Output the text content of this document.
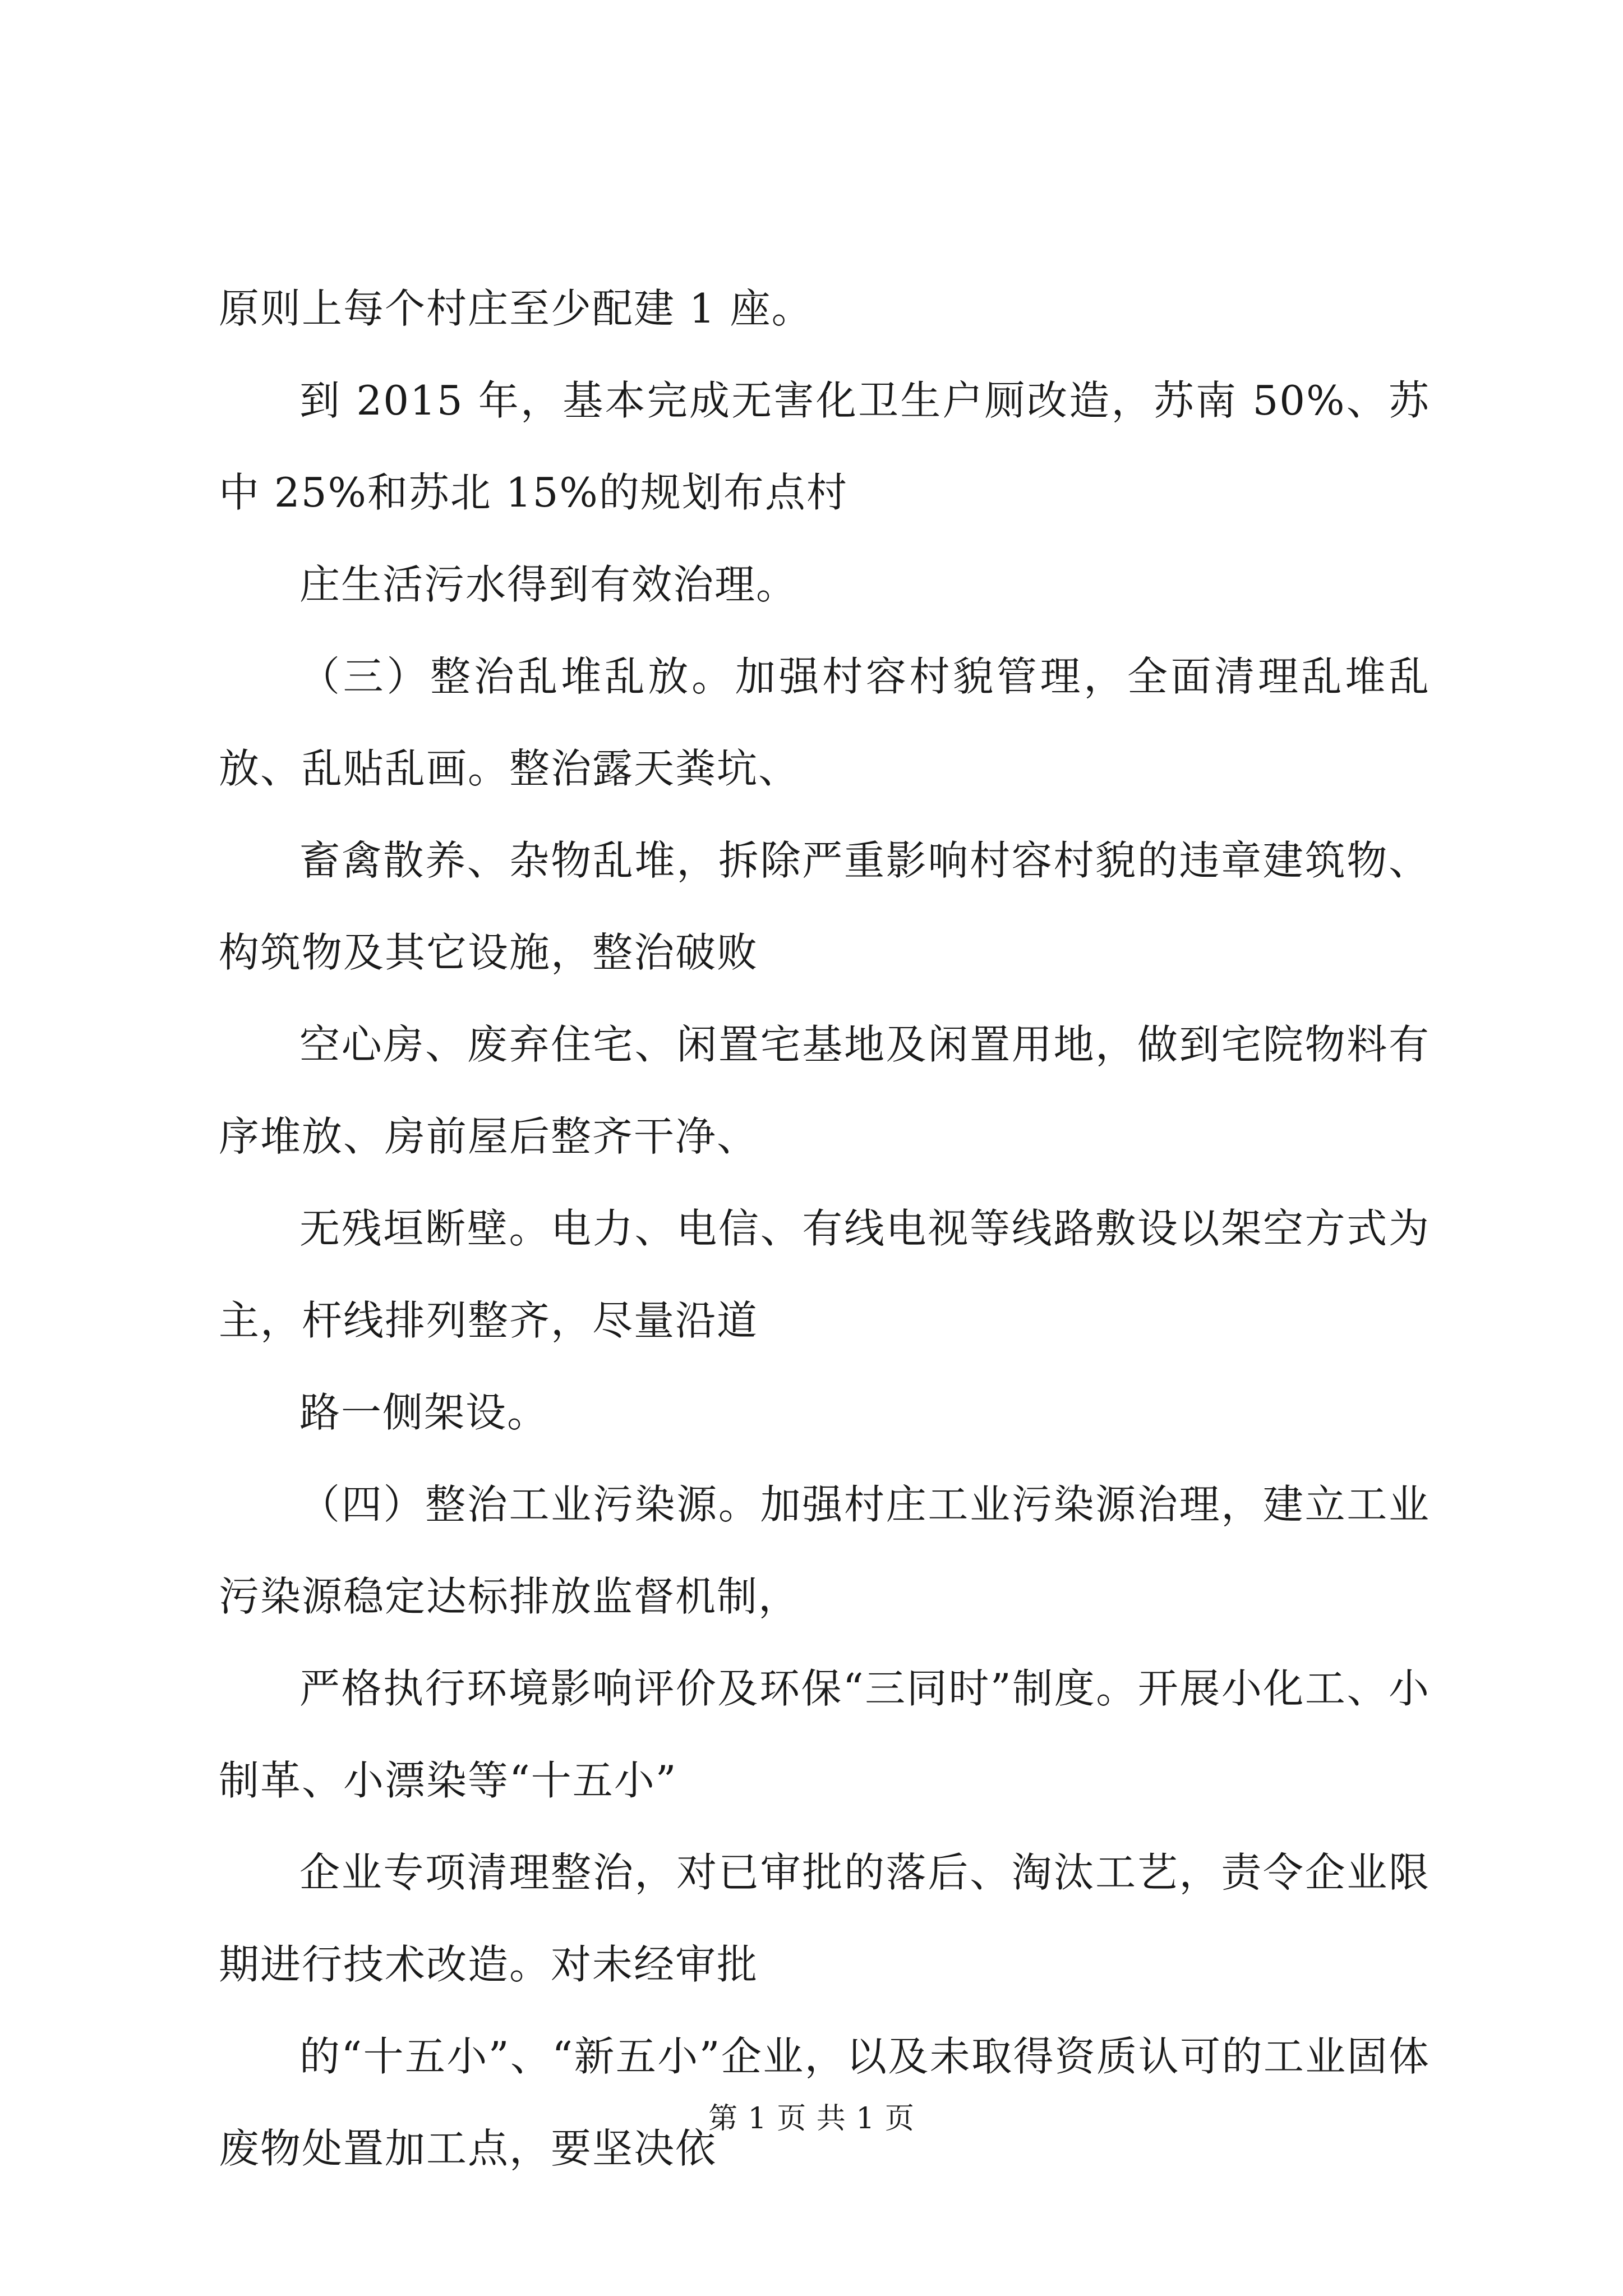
原则上每个村庄至少配建 1 座。

到 2015 年，基本完成无害化卫生户厕改造，苏南 50%、苏中 25%和苏北 15%的规划布点村

庄生活污水得到有效治理。

（三）整治乱堆乱放。加强村容村貌管理，全面清理乱堆乱放、乱贴乱画。整治露天粪坑、

畜禽散养、杂物乱堆，拆除严重影响村容村貌的违章建筑物、构筑物及其它设施，整治破败

空心房、废弃住宅、闲置宅基地及闲置用地，做到宅院物料有序堆放、房前屋后整齐干净、

无残垣断壁。电力、电信、有线电视等线路敷设以架空方式为主，杆线排列整齐，尽量沿道

路一侧架设。

（四）整治工业污染源。加强村庄工业污染源治理，建立工业污染源稳定达标排放监督机制，

严格执行环境影响评价及环保“三同时”制度。开展小化工、小制革、小漂染等“十五小”

企业专项清理整治，对已审批的落后、淘汰工艺，责令企业限期进行技术改造。对未经审批

的“十五小”、“新五小”企业，以及未取得资质认可的工业固体废物处置加工点，要坚决依

第 1 页 共 1 页
